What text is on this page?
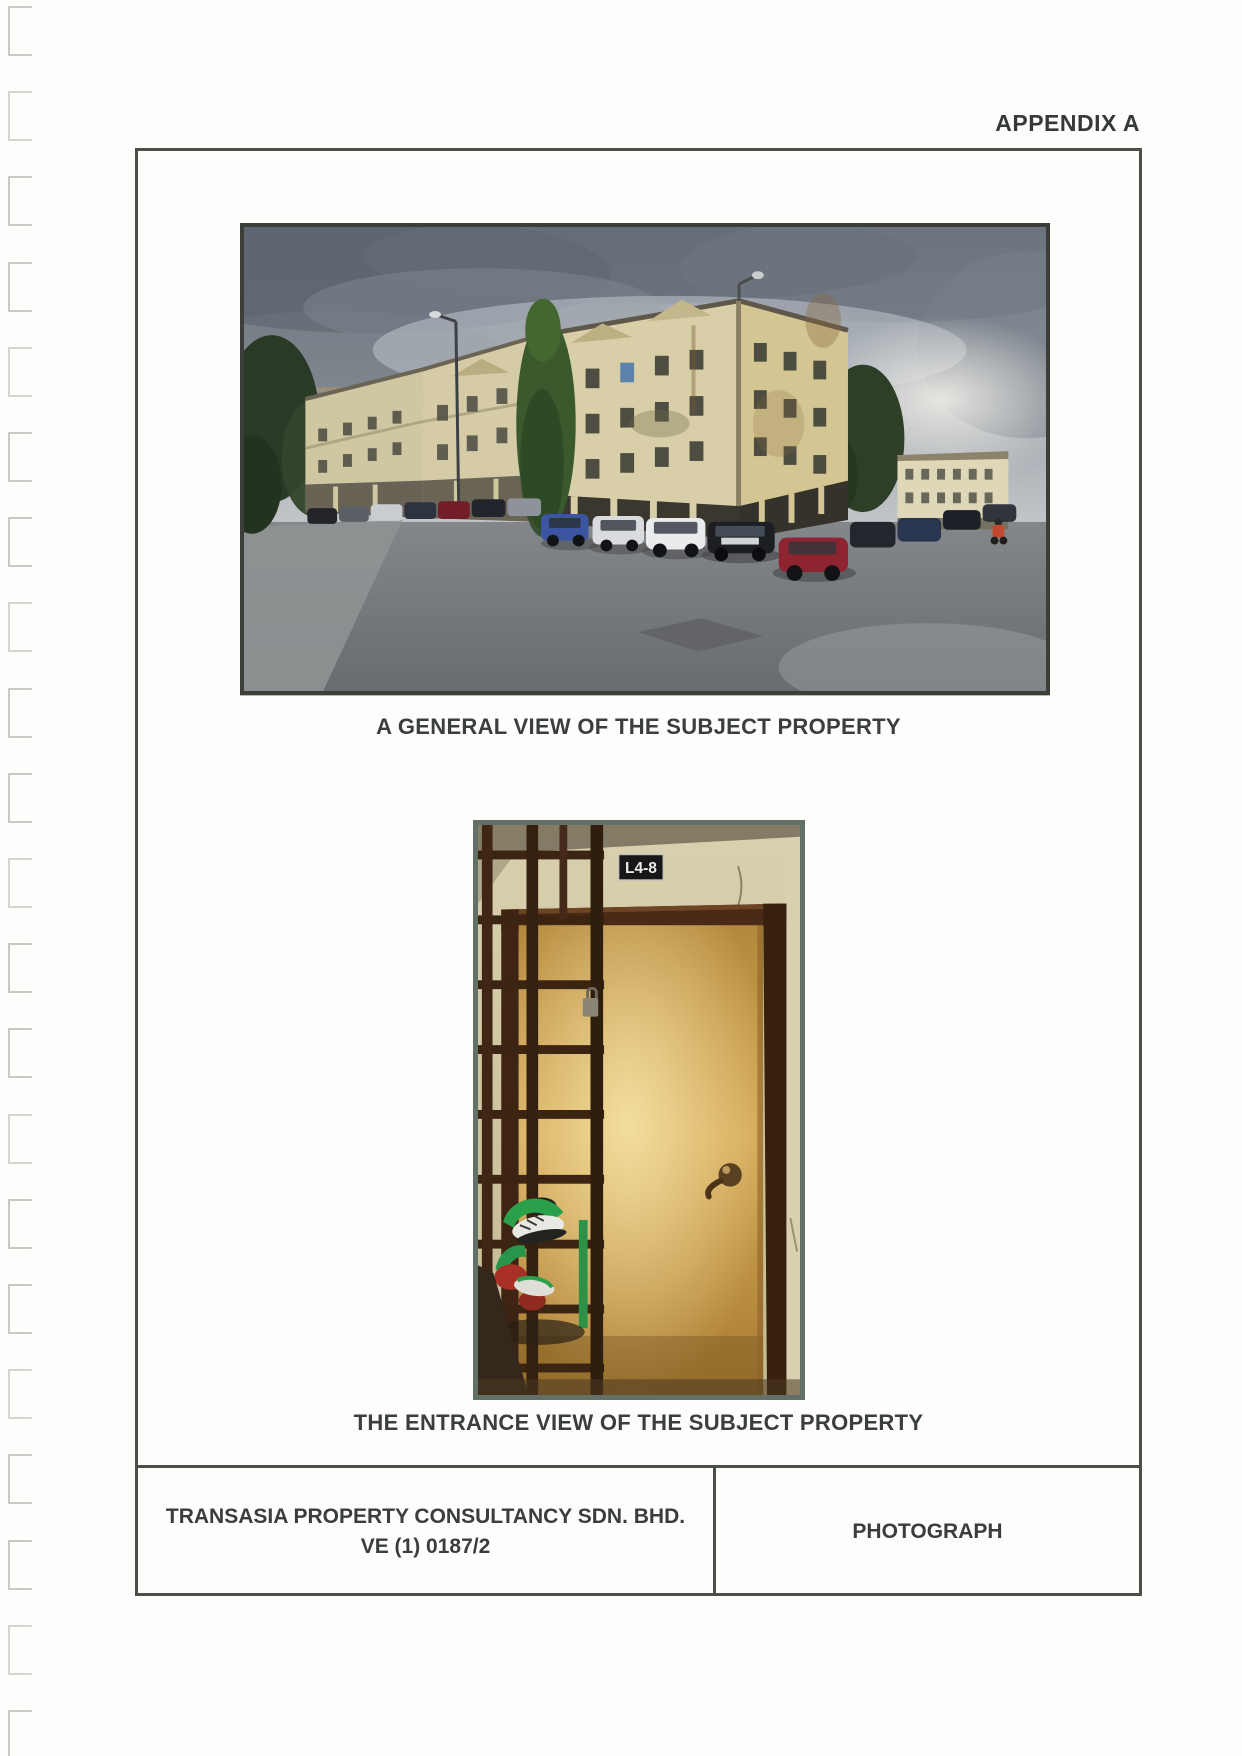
APPENDIX A
A GENERAL VIEW OF THE SUBJECT PROPERTY
L4-8
THE ENTRANCE VIEW OF THE SUBJECT PROPERTY
TRANSASIA PROPERTY CONSULTANCY SDN. BHD.
VE (1) 0187/2
PHOTOGRAPH
